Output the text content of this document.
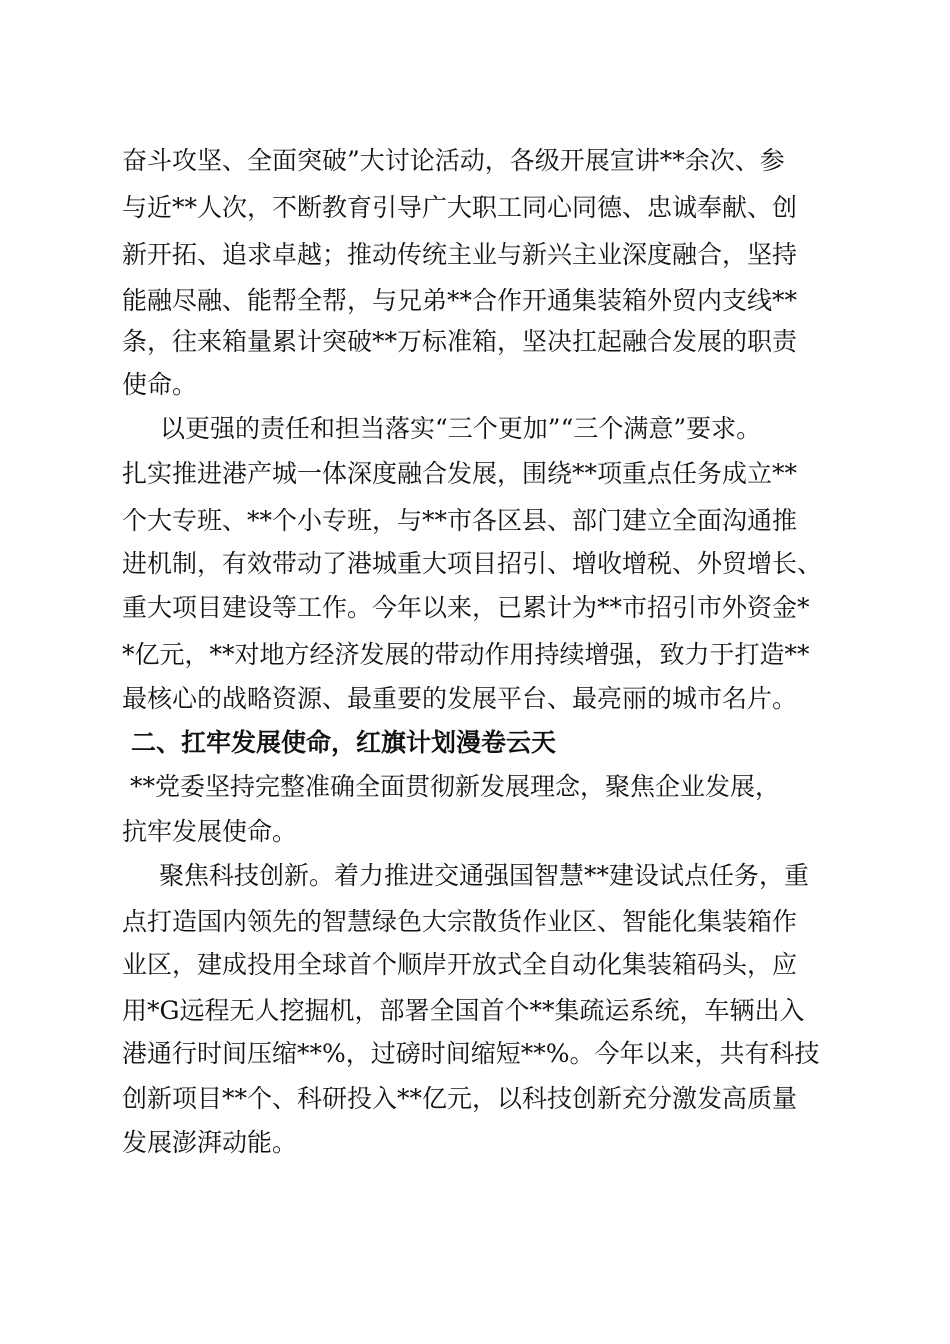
奋斗攻坚、全面突破”大讨论活动，各级开展宣讲**余次、参
与近**人次，不断教育引导广大职工同心同德、忠诚奉献、创
新开拓、追求卓越；推动传统主业与新兴主业深度融合，坚持
能融尽融、能帮全帮，与兄弟**合作开通集装箱外贸内支线**
条，往来箱量累计突破**万标准箱，坚决扛起融合发展的职责
使命。
以更强的责任和担当落实“三个更加”“三个满意”要求。
扎实推进港产城一体深度融合发展，围绕**项重点任务成立**
个大专班、**个小专班，与**市各区县、部门建立全面沟通推
进机制，有效带动了港城重大项目招引、增收增税、外贸增长、
重大项目建设等工作。今年以来，已累计为**市招引市外资金*
*亿元，**对地方经济发展的带动作用持续增强，致力于打造**
最核心的战略资源、最重要的发展平台、最亮丽的城市名片。
二、扛牢发展使命，红旗计划漫卷云天
**党委坚持完整准确全面贯彻新发展理念，聚焦企业发展，
抗牢发展使命。
聚焦科技创新。着力推进交通强国智慧**建设试点任务，重
点打造国内领先的智慧绿色大宗散货作业区、智能化集装箱作
业区，建成投用全球首个顺岸开放式全自动化集装箱码头，应
用*G远程无人挖掘机，部署全国首个**集疏运系统，车辆出入
港通行时间压缩**%，过磅时间缩短**%。今年以来，共有科技
创新项目**个、科研投入**亿元，以科技创新充分激发高质量
发展澎湃动能。
